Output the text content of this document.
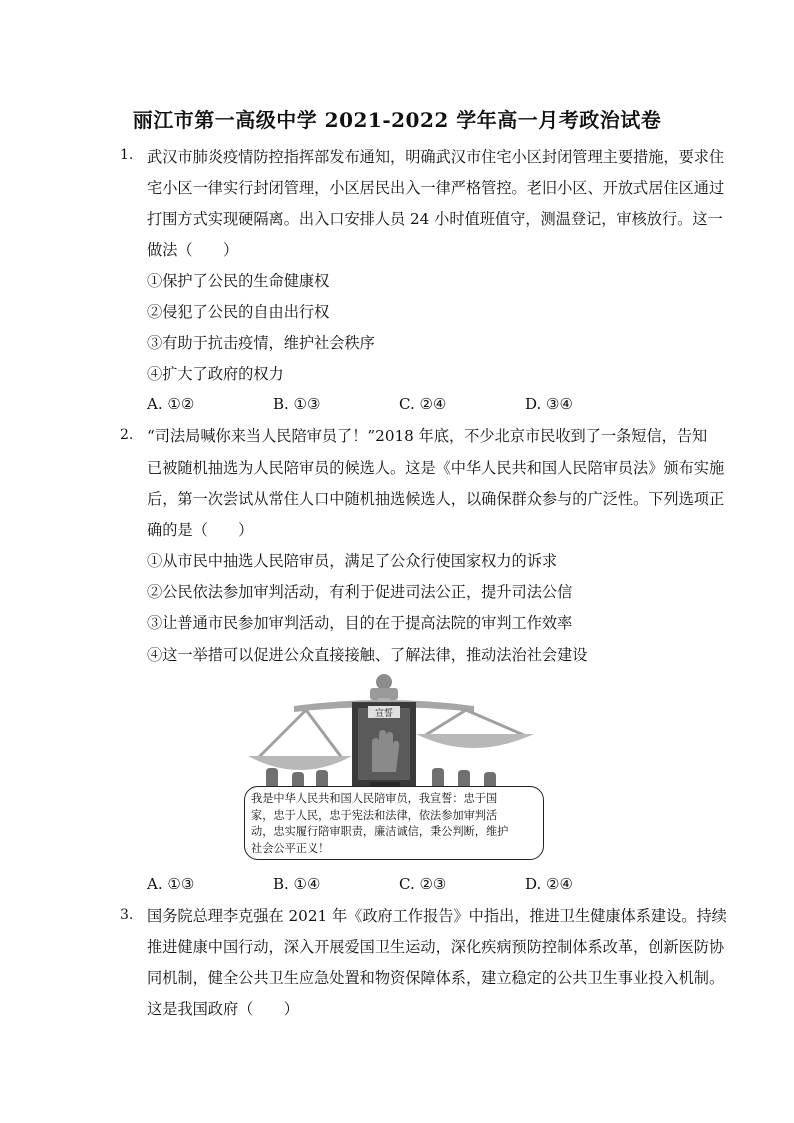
丽江市第一高级中学 2021-2022 学年高一月考政治试卷
1. 武汉市肺炎疫情防控指挥部发布通知，明确武汉市住宅小区封闭管理主要措施，要求住
宅小区一律实行封闭管理，小区居民出入一律严格管控。老旧小区、开放式居住区通过
打围方式实现硬隔离。出入口安排人员 24 小时值班值守，测温登记，审核放行。这一
做法（　　）
①保护了公民的生命健康权
②侵犯了公民的自由出行权
③有助于抗击疫情，维护社会秩序
④扩大了政府的权力
A. ①②	B. ①③	C. ②④	D. ③④
2. “司法局喊你来当人民陪审员了！”2018 年底，不少北京市民收到了一条短信，告知
已被随机抽选为人民陪审员的候选人。这是《中华人民共和国人民陪审员法》颁布实施
后，第一次尝试从常住人口中随机抽选候选人，以确保群众参与的广泛性。下列选项正
确的是（　　）
①从市民中抽选人民陪审员，满足了公众行使国家权力的诉求
②公民依法参加审判活动，有利于促进司法公正，提升司法公信
③让普通市民参加审判活动，目的在于提高法院的审判工作效率
④这一举措可以促进公众直接接触、了解法律，推动法治社会建设
宣誓
我是中华人民共和国人民陪审员，我宣誓：忠于国
家，忠于人民，忠于宪法和法律，依法参加审判活
动，忠实履行陪审职责，廉洁诚信，秉公判断，维护
社会公平正义！
A. ①③	B. ①④	C. ②③	D. ②④
3. 国务院总理李克强在 2021 年《政府工作报告》中指出，推进卫生健康体系建设。持续
推进健康中国行动，深入开展爱国卫生运动，深化疾病预防控制体系改革，创新医防协
同机制，健全公共卫生应急处置和物资保障体系，建立稳定的公共卫生事业投入机制。
这是我国政府（　　）
